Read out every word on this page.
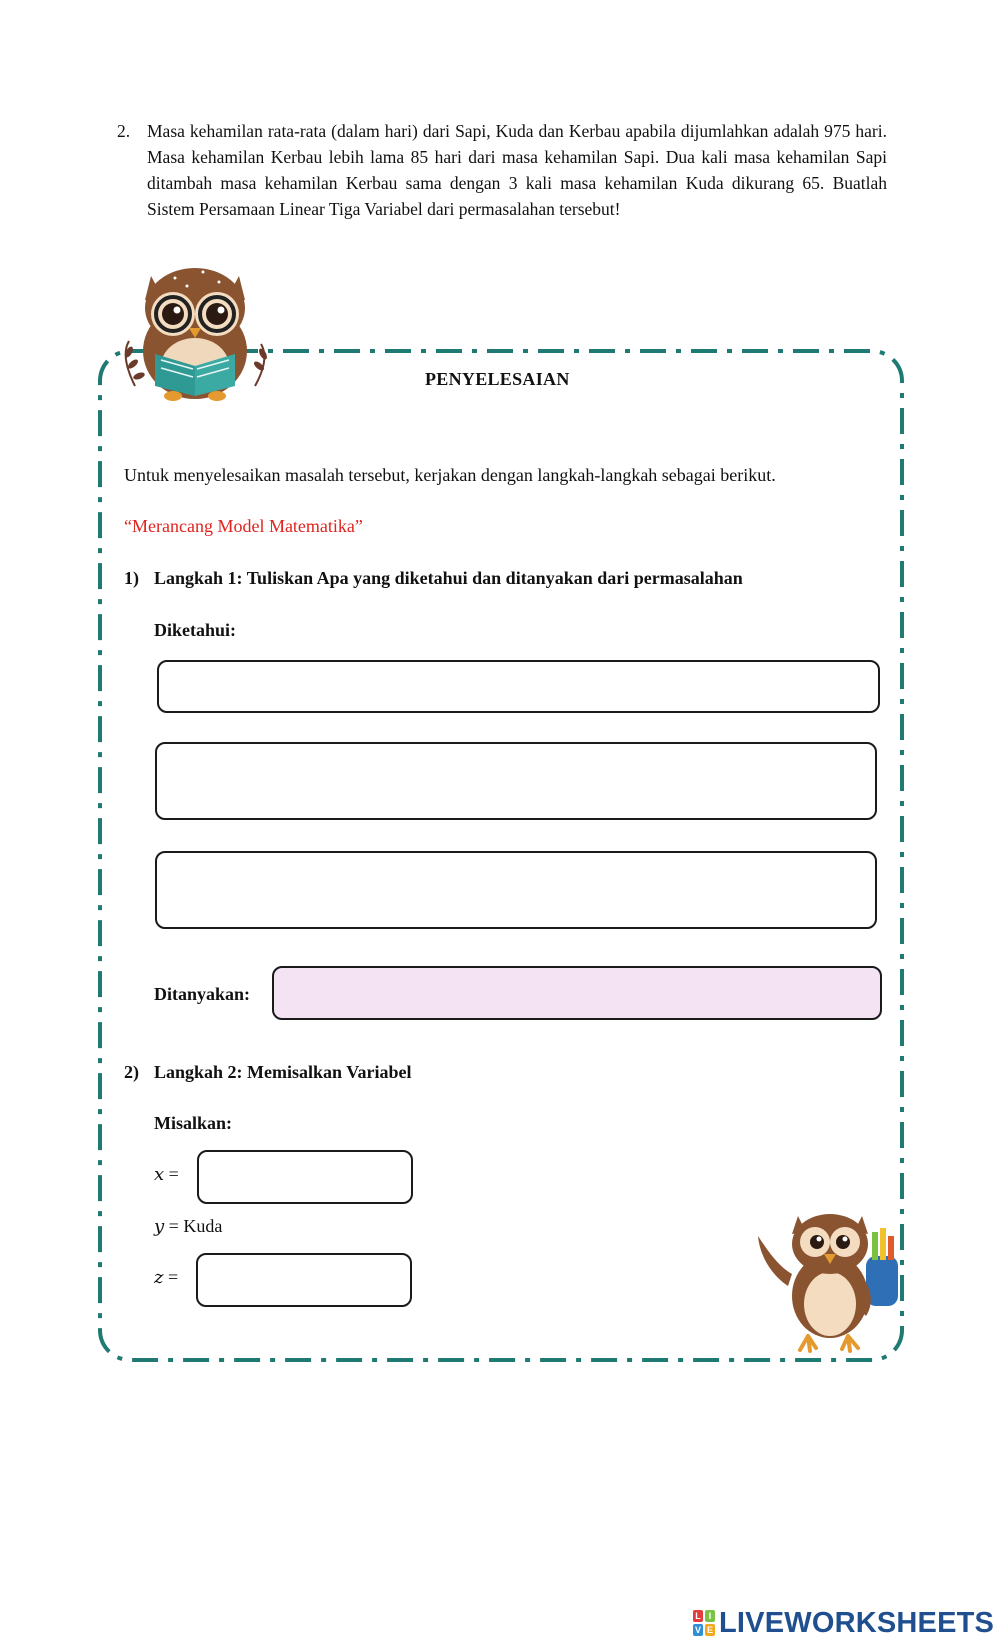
2. Masa kehamilan rata-rata (dalam hari) dari Sapi, Kuda dan Kerbau apabila dijumlahkan adalah 975 hari. Masa kehamilan Kerbau lebih lama 85 hari dari masa kehamilan Sapi. Dua kali masa kehamilan Sapi ditambah masa kehamilan Kerbau sama dengan 3 kali masa kehamilan Kuda dikurang 65. Buatlah Sistem Persamaan Linear Tiga Variabel dari permasalahan tersebut!
PENYELESAIAN
Untuk menyelesaikan masalah tersebut, kerjakan dengan langkah-langkah sebagai berikut.
“Merancang Model Matematika”
1) Langkah 1: Tuliskan Apa yang diketahui dan ditanyakan dari permasalahan
Diketahui:
Ditanyakan:
2) Langkah 2: Memisalkan Variabel
Misalkan:
x =
y = Kuda
z =
L I
V E LIVEWORKSHEETS
